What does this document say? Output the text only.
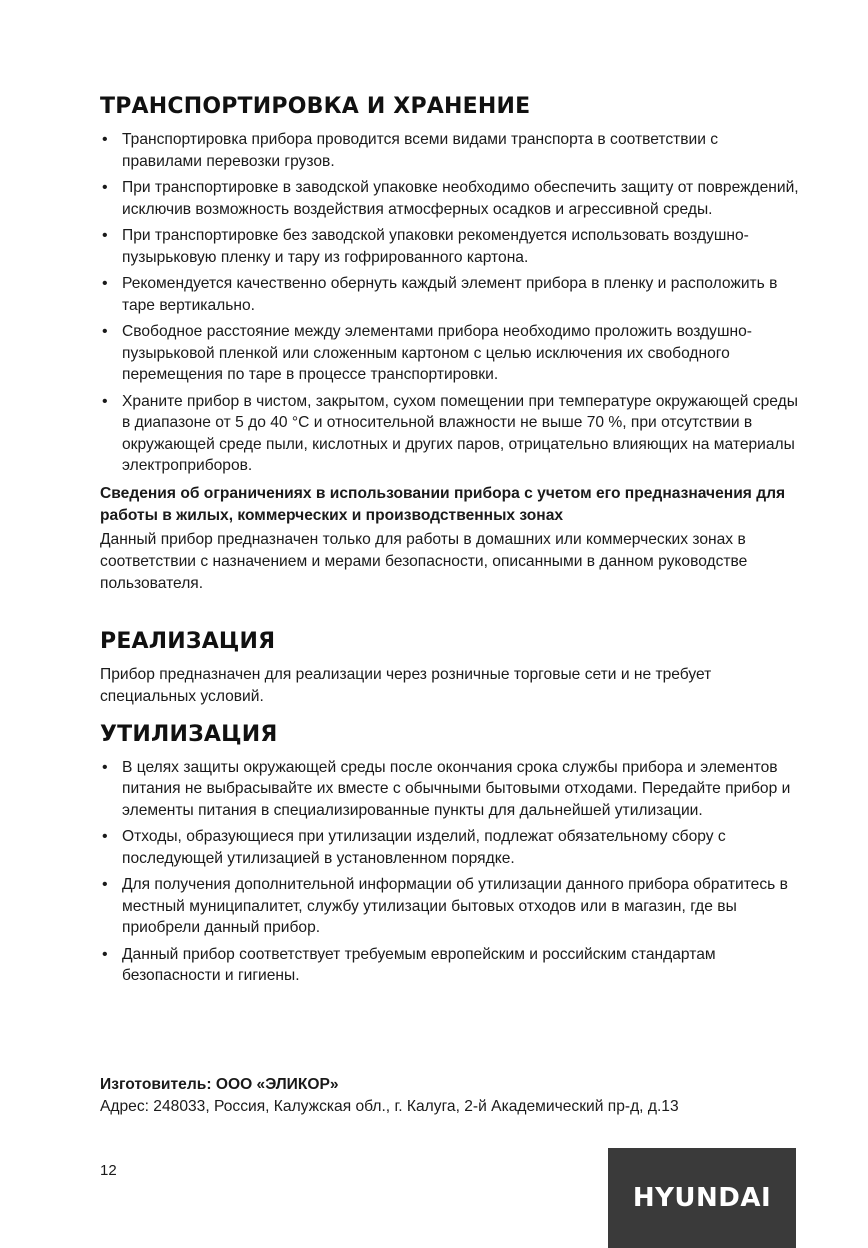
ТРАНСПОРТИРОВКА И ХРАНЕНИЕ
• Транспортировка прибора проводится всеми видами транспорта в соответствии с правилами перевозки грузов.
• При транспортировке в заводской упаковке необходимо обеспечить защиту от повреждений, исключив возможность воздействия атмосферных осадков и агрессивной среды.
• При транспортировке без заводской упаковки рекомендуется использовать воздушно-пузырьковую пленку и тару из гофрированного картона.
• Рекомендуется качественно обернуть каждый элемент прибора в пленку и расположить в таре вертикально.
• Свободное расстояние между элементами прибора необходимо проложить воздушно-пузырьковой пленкой или сложенным картоном с целью исключения их свободного перемещения по таре в процессе транспортировки.
• Храните прибор в чистом, закрытом, сухом помещении при температуре окружающей среды в диапазоне от 5 до 40 °С и относительной влажности не выше 70 %, при отсутствии в окружающей среде пыли, кислотных и других паров, отрицательно влияющих на материалы электроприборов.
Сведения об ограничениях в использовании прибора с учетом его предназначения для работы в жилых, коммерческих и производственных зонах

Данный прибор предназначен только для работы в домашних или коммерческих зонах в соответствии с назначением и мерами безопасности, описанными в данном руководстве пользователя.

РЕАЛИЗАЦИЯ

Прибор предназначен для реализации через розничные торговые сети и не требует специальных условий.

УТИЛИЗАЦИЯ
• В целях защиты окружающей среды после окончания срока службы прибора и элементов питания не выбрасывайте их вместе с обычными бытовыми отходами. Передайте прибор и элементы питания в специализированные пункты для дальнейшей утилизации.
• Отходы, образующиеся при утилизации изделий, подлежат обязательному сбору с последующей утилизацией в установленном порядке.
• Для получения дополнительной информации об утилизации данного прибора обратитесь в местный муниципалитет, службу утилизации бытовых отходов или в магазин, где вы приобрели данный прибор.
• Данный прибор соответствует требуемым европейским и российским стандартам безопасности и гигиены.
Изготовитель: ООО «ЭЛИКОР»

Адрес: 248033, Россия, Калужская обл., г. Калуга, 2-й Академический пр-д, д.13

12
HYUNDAI
